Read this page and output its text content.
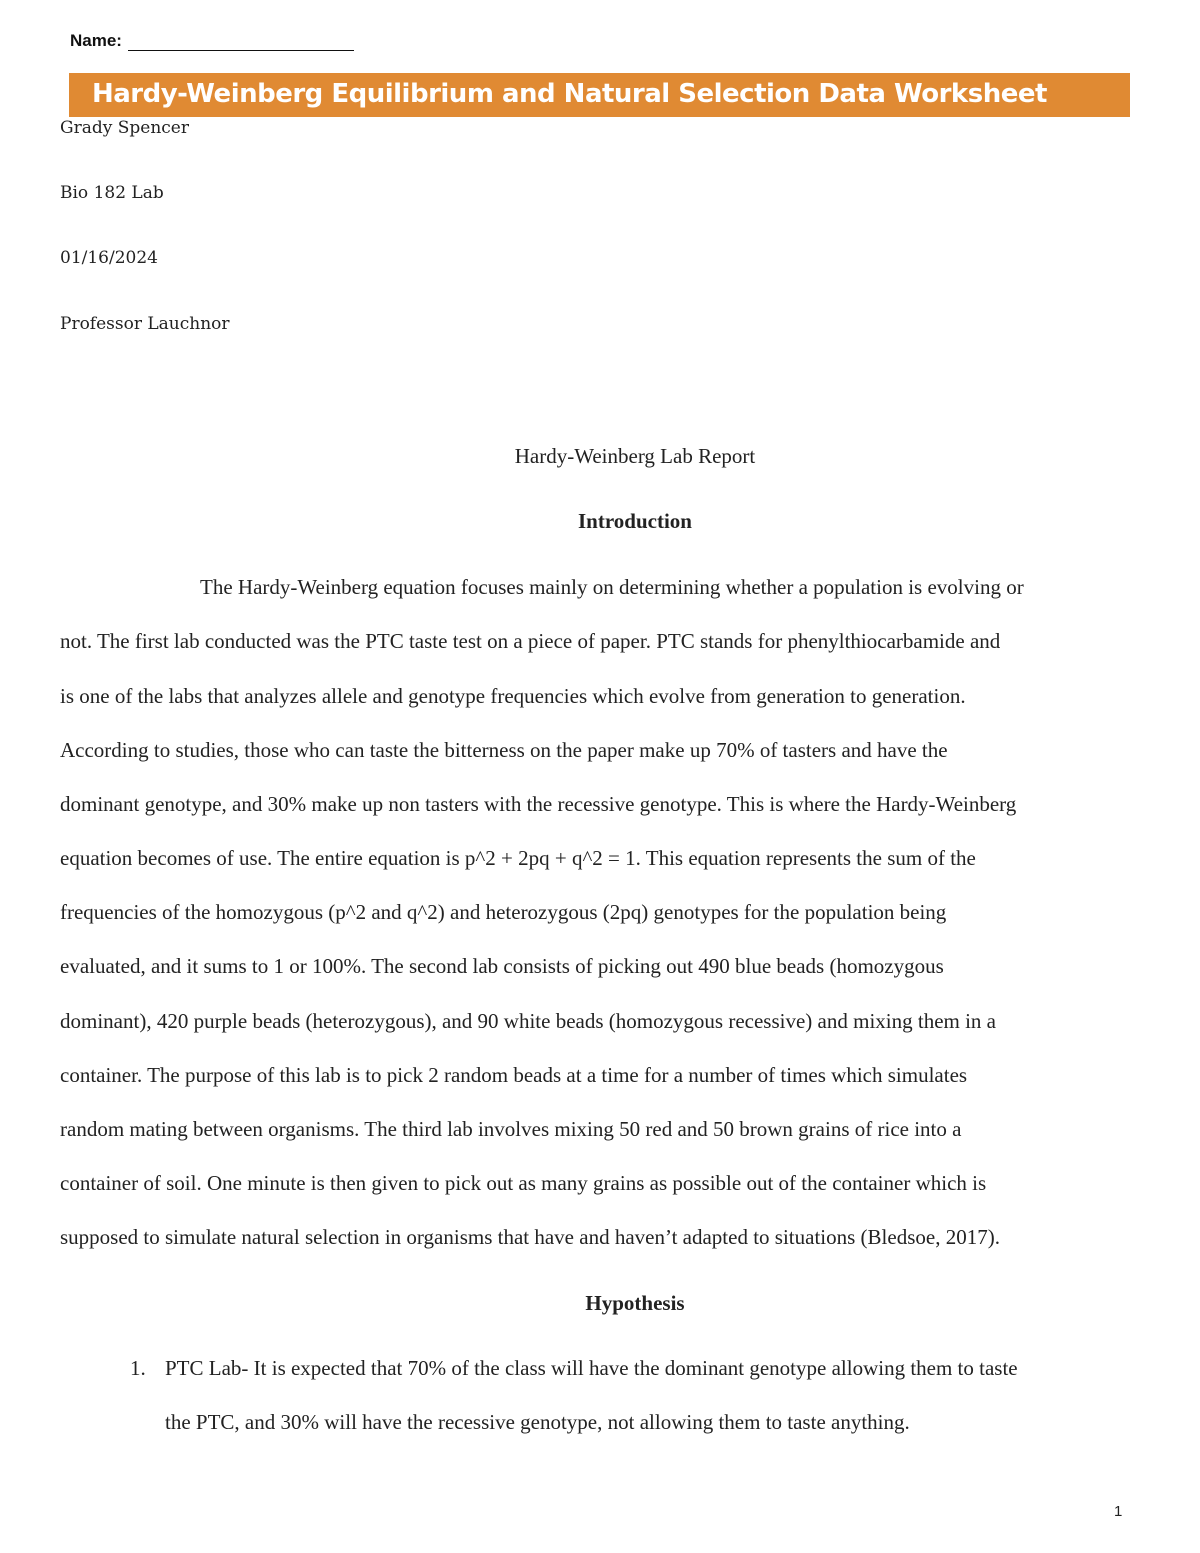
Name:
Hardy-Weinberg Equilibrium and Natural Selection Data Worksheet
Grady Spencer
Bio 182 Lab
01/16/2024
Professor Lauchnor
Hardy-Weinberg Lab Report
Introduction
The Hardy-Weinberg equation focuses mainly on determining whether a population is evolving or
not. The first lab conducted was the PTC taste test on a piece of paper. PTC stands for phenylthiocarbamide and
is one of the labs that analyzes allele and genotype frequencies which evolve from generation to generation.
According to studies, those who can taste the bitterness on the paper make up 70% of tasters and have the
dominant genotype, and 30% make up non tasters with the recessive genotype. This is where the Hardy-Weinberg
equation becomes of use. The entire equation is p^2 + 2pq + q^2 = 1. This equation represents the sum of the
frequencies of the homozygous (p^2 and q^2) and heterozygous (2pq) genotypes for the population being
evaluated, and it sums to 1 or 100%. The second lab consists of picking out 490 blue beads (homozygous
dominant), 420 purple beads (heterozygous), and 90 white beads (homozygous recessive) and mixing them in a
container. The purpose of this lab is to pick 2 random beads at a time for a number of times which simulates
random mating between organisms. The third lab involves mixing 50 red and 50 brown grains of rice into a
container of soil. One minute is then given to pick out as many grains as possible out of the container which is
supposed to simulate natural selection in organisms that have and haven’t adapted to situations (Bledsoe, 2017).
Hypothesis
1. PTC Lab- It is expected that 70% of the class will have the dominant genotype allowing them to taste
the PTC, and 30% will have the recessive genotype, not allowing them to taste anything.
1
